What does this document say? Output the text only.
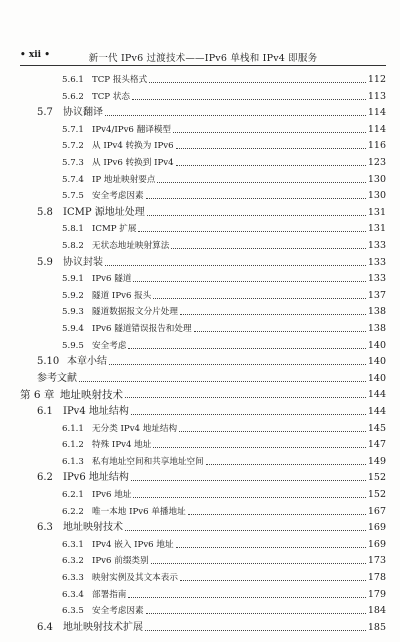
• xii •	新一代 IPv6 过渡技术——IPv6 单栈和 IPv4 即服务
5.6.1 TCP 报头格式	112
5.6.2 TCP 状态	113
5.7	协议翻译	114
5.7.1 IPv4/IPv6 翻译模型	114
5.7.2 从 IPv4 转换为 IPv6	116
5.7.3 从 IPv6 转换到 IPv4	123
5.7.4 IP 地址映射要点	130
5.7.5 安全考虑因素	130
5.8	ICMP 源地址处理	131
5.8.1 ICMP 扩展	131
5.8.2 无状态地址映射算法	133
5.9	协议封装	133
5.9.1 IPv6 隧道	133
5.9.2 隧道 IPv6 报头	137
5.9.3 隧道数据报文分片处理	138
5.9.4 IPv6 隧道错误报告和处理	138
5.9.5 安全考虑	140
5.10 本章小结	140
参考文献	140
第 6 章 地址映射技术	144
6.1	IPv4 地址结构	144
6.1.1 无分类 IPv4 地址结构	145
6.1.2 特殊 IPv4 地址	147
6.1.3 私有地址空间和共享地址空间	149
6.2	IPv6 地址结构	152
6.2.1 IPv6 地址	152
6.2.2 唯一本地 IPv6 单播地址	167
6.3	地址映射技术	169
6.3.1 IPv4 嵌入 IPv6 地址	169
6.3.2 IPv6 前缀类别	173
6.3.3 映射实例及其文本表示	178
6.3.4 部署指南	179
6.3.5 安全考虑因素	184
6.4	地址映射技术扩展	185
